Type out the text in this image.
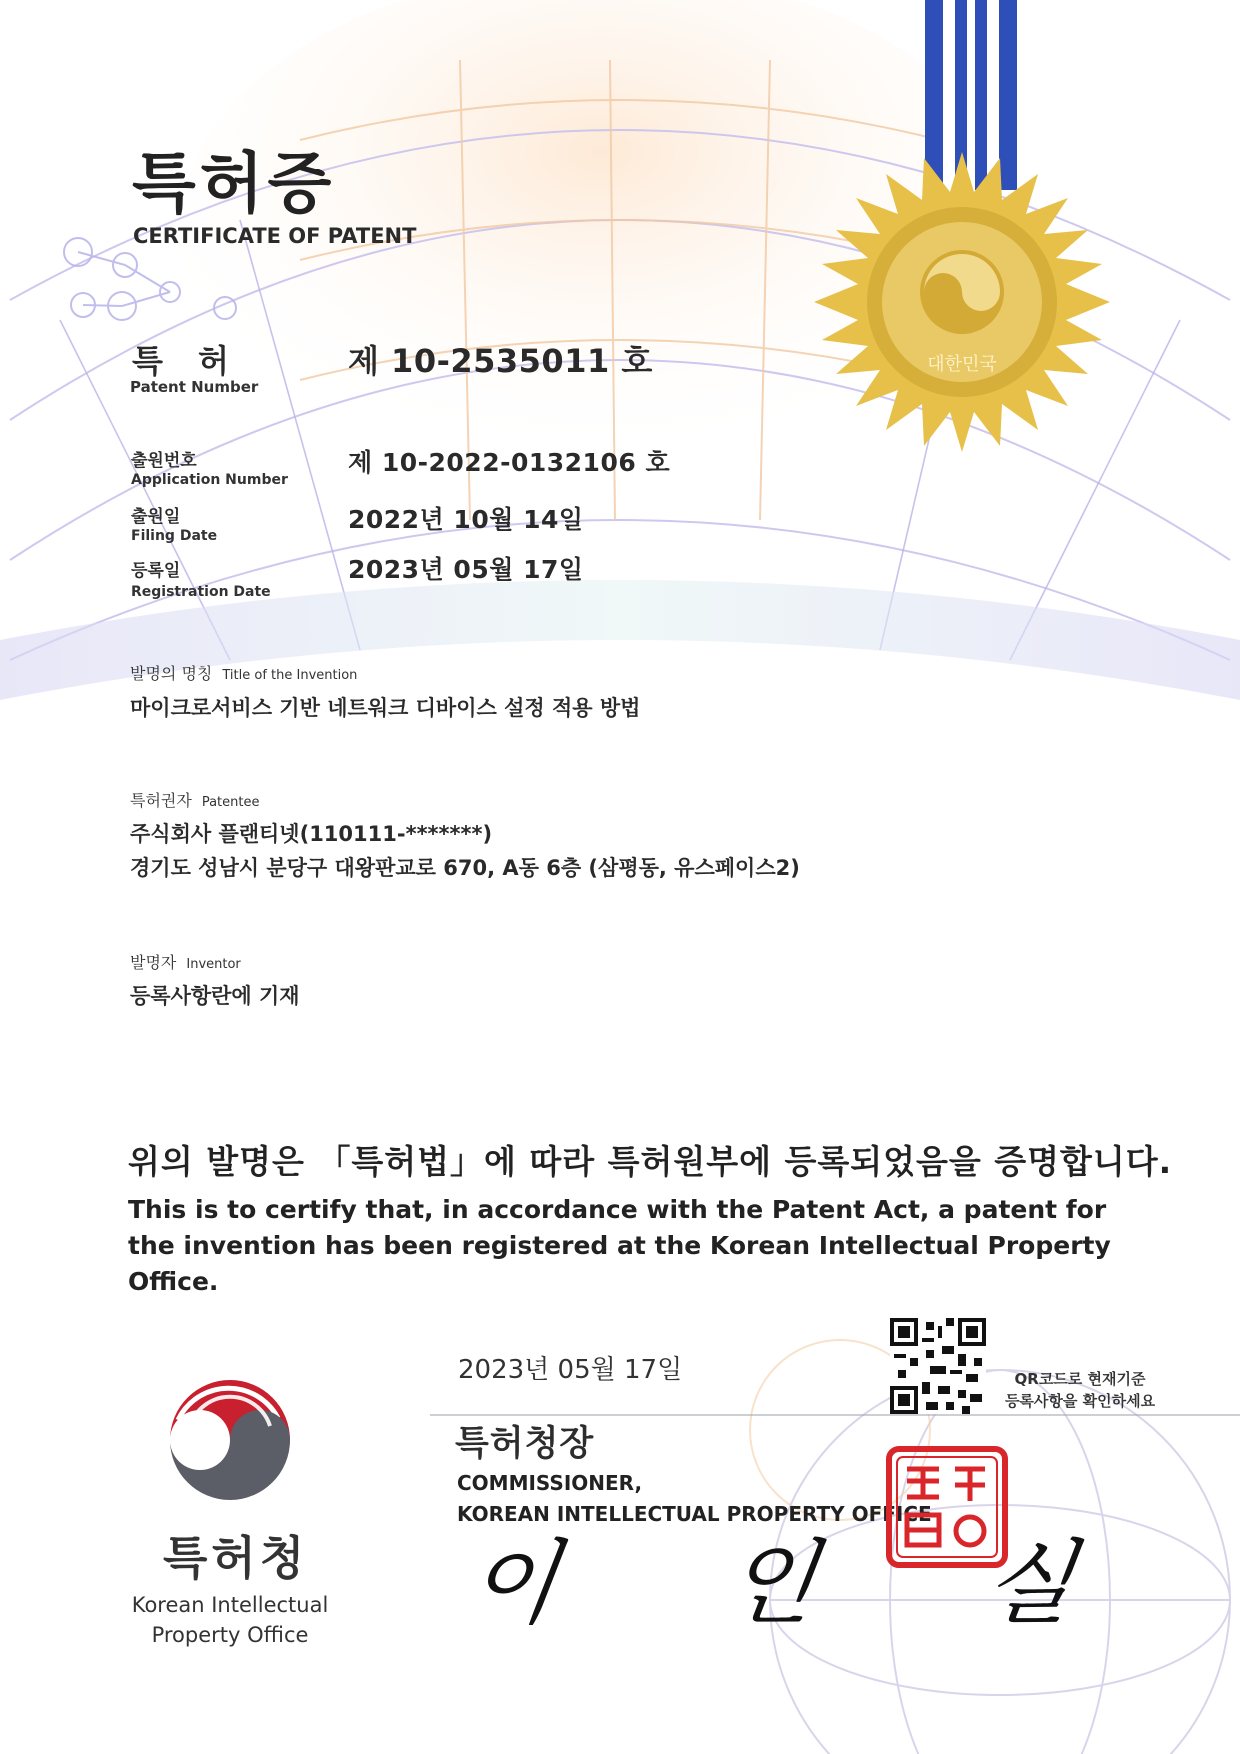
대한민국
특허증
CERTIFICATE OF PATENT
특 허
Patent Number
제 10-2535011 호
출원번호
Application Number
제 10-2022-0132106 호
출원일
Filing Date
2022년 10월 14일
등록일
Registration Date
2023년 05월 17일
발명의 명칭 Title of the Invention
마이크로서비스 기반 네트워크 디바이스 설정 적용 방법
특허권자 Patentee
주식회사 플랜티넷(110111-*******)
경기도 성남시 분당구 대왕판교로 670, A동 6층 (삼평동, 유스페이스2)
발명자 Inventor
등록사항란에 기재
위의 발명은 「특허법」에 따라 특허원부에 등록되었음을 증명합니다.
This is to certify that, in accordance with the Patent Act, a patent for the invention has been registered at the Korean Intellectual Property Office.
2023년 05월 17일
특허청장
COMMISSIONER,
KOREAN INTELLECTUAL PROPERTY OFFICE
이 인 실
QR코드로 현재기준
등록사항을 확인하세요
특허청
Korean Intellectual
Property Office
